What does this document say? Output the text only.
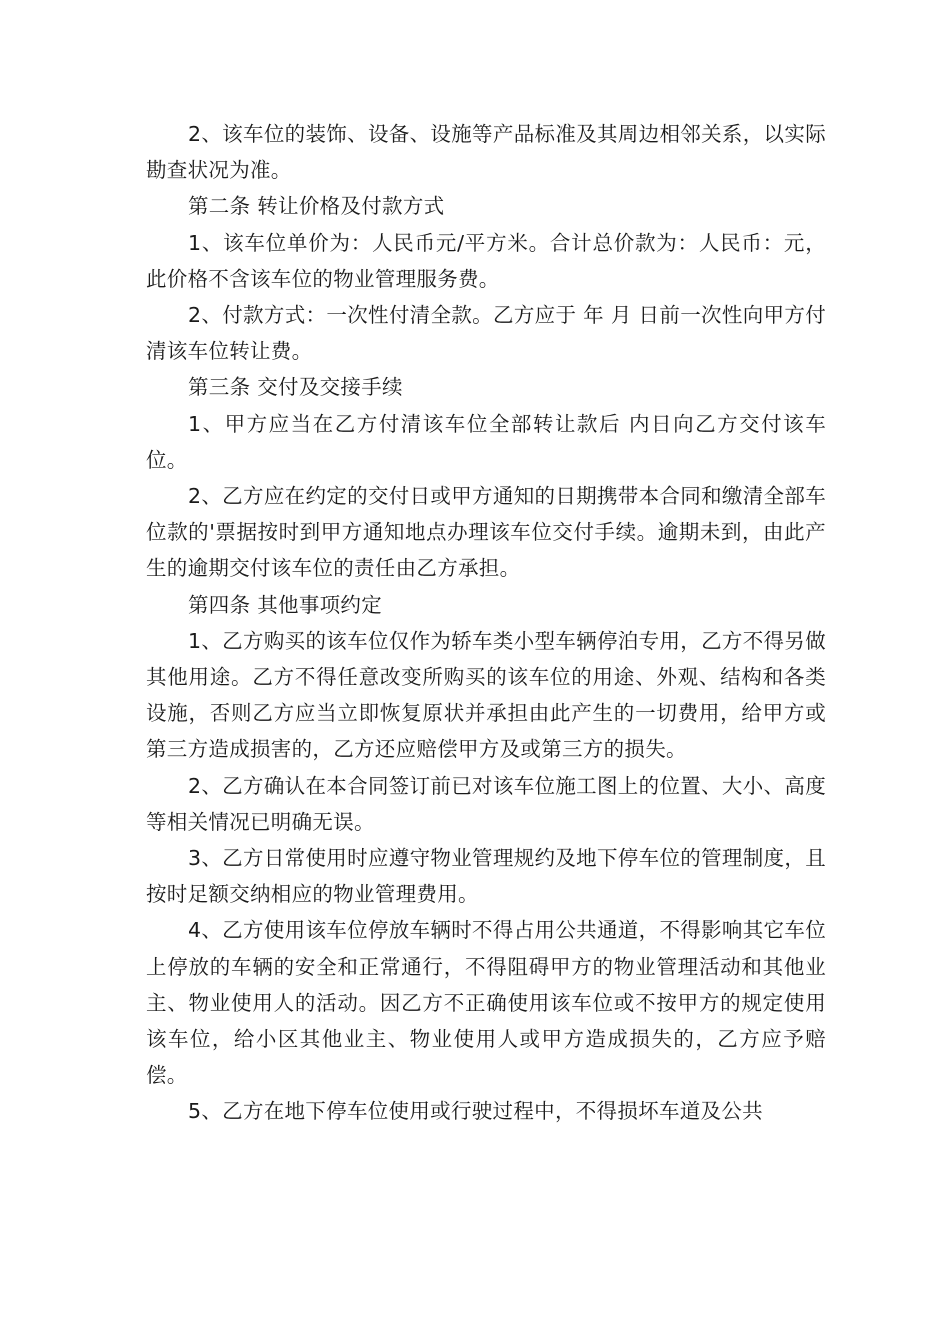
2、该车位的装饰、设备、设施等产品标准及其周边相邻关系，以实际勘查状况为准。

第二条 转让价格及付款方式

1、该车位单价为：人民币元/平方米。合计总价款为：人民币：元，此价格不含该车位的物业管理服务费。

2、付款方式：一次性付清全款。乙方应于 年 月 日前一次性向甲方付清该车位转让费。

第三条 交付及交接手续

1、甲方应当在乙方付清该车位全部转让款后 内日向乙方交付该车位。

2、乙方应在约定的交付日或甲方通知的日期携带本合同和缴清全部车位款的'票据按时到甲方通知地点办理该车位交付手续。逾期未到，由此产生的逾期交付该车位的责任由乙方承担。

第四条 其他事项约定

1、乙方购买的该车位仅作为轿车类小型车辆停泊专用，乙方不得另做其他用途。乙方不得任意改变所购买的该车位的用途、外观、结构和各类设施，否则乙方应当立即恢复原状并承担由此产生的一切费用，给甲方或第三方造成损害的，乙方还应赔偿甲方及或第三方的损失。

2、乙方确认在本合同签订前已对该车位施工图上的位置、大小、高度等相关情况已明确无误。

3、乙方日常使用时应遵守物业管理规约及地下停车位的管理制度，且按时足额交纳相应的物业管理费用。

4、乙方使用该车位停放车辆时不得占用公共通道，不得影响其它车位上停放的车辆的安全和正常通行，不得阻碍甲方的物业管理活动和其他业主、物业使用人的活动。因乙方不正确使用该车位或不按甲方的规定使用该车位，给小区其他业主、物业使用人或甲方造成损失的，乙方应予赔偿。

5、乙方在地下停车位使用或行驶过程中，不得损坏车道及公共
